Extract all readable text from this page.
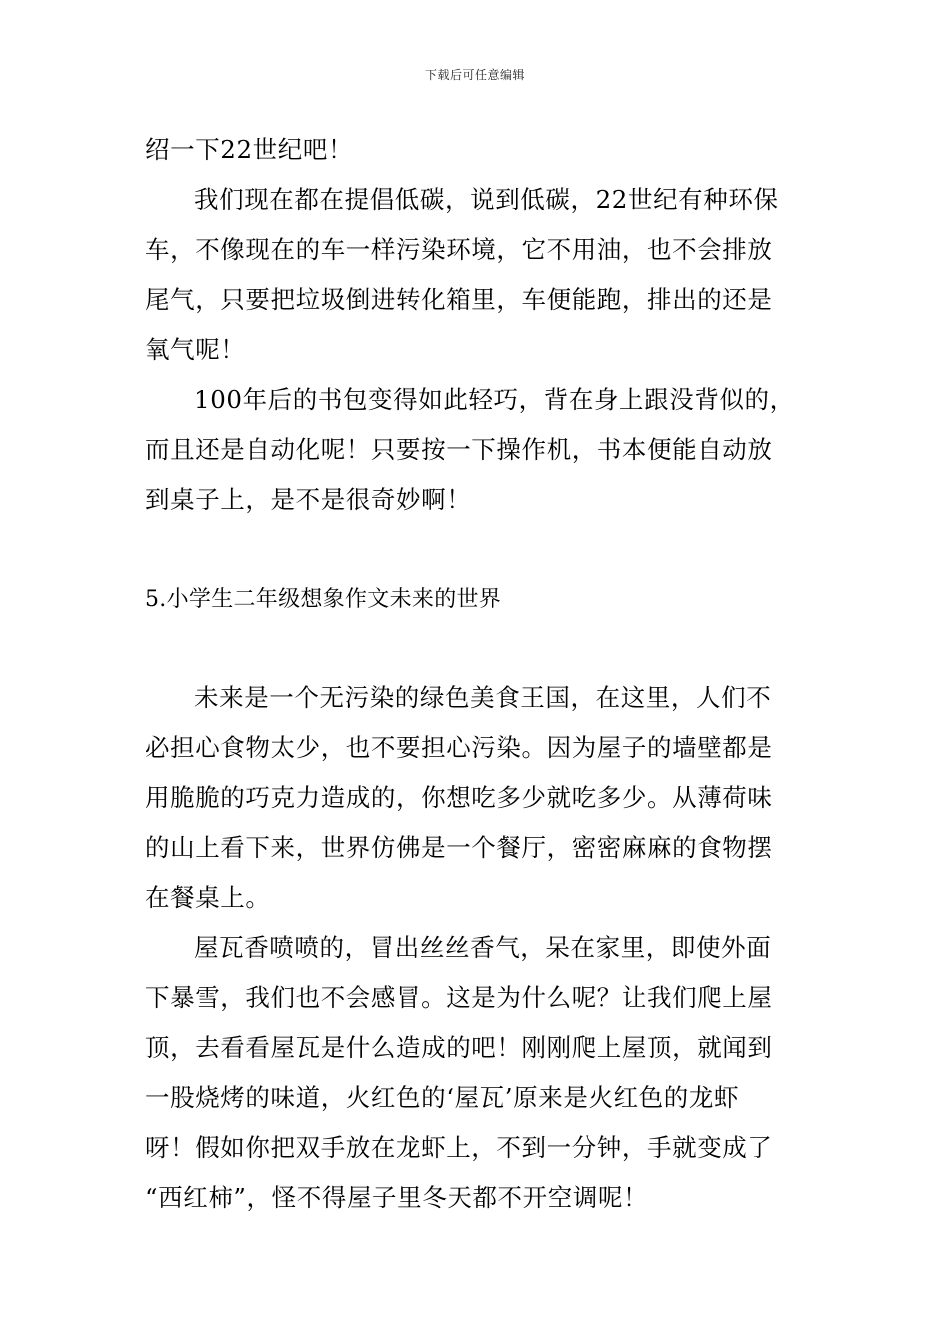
下载后可任意编辑
绍一下22世纪吧！
我们现在都在提倡低碳，说到低碳，22世纪有种环保
车，不像现在的车一样污染环境，它不用油，也不会排放
尾气，只要把垃圾倒进转化箱里，车便能跑，排出的还是
氧气呢！
100年后的书包变得如此轻巧，背在身上跟没背似的，
而且还是自动化呢！只要按一下操作机，书本便能自动放
到桌子上，是不是很奇妙啊！
5.小学生二年级想象作文未来的世界
未来是一个无污染的绿色美食王国，在这里，人们不
必担心食物太少，也不要担心污染。因为屋子的墙壁都是
用脆脆的巧克力造成的，你想吃多少就吃多少。从薄荷味
的山上看下来，世界仿佛是一个餐厅，密密麻麻的食物摆
在餐桌上。
屋瓦香喷喷的，冒出丝丝香气，呆在家里，即使外面
下暴雪，我们也不会感冒。这是为什么呢？让我们爬上屋
顶，去看看屋瓦是什么造成的吧！刚刚爬上屋顶，就闻到
一股烧烤的味道，火红色的‘屋瓦’原来是火红色的龙虾
呀！假如你把双手放在龙虾上，不到一分钟，手就变成了
“西红柿”，怪不得屋子里冬天都不开空调呢！
